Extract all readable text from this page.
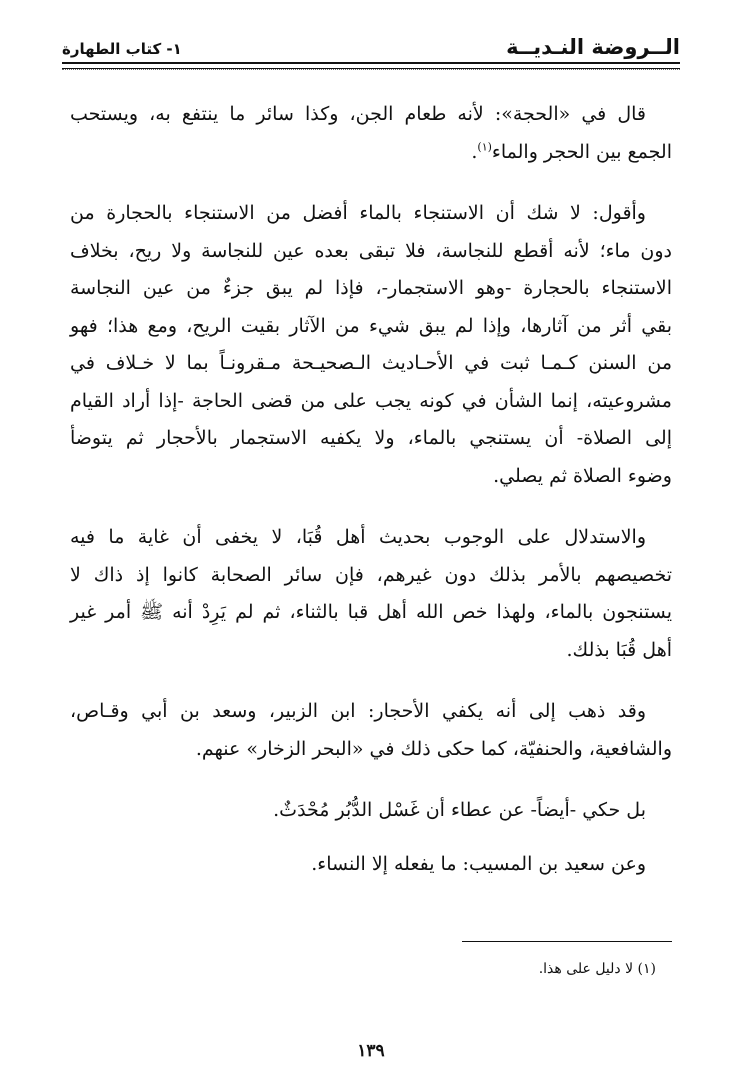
الــروضة النـديــة
١- كتاب الطهارة

قال في «الحجة»: لأنه طعام الجن، وكذا سائر ما ينتفع به، ويستحب
الجمع بين الحجر والماء$^{(١)}$.

وأقول: لا شك أن الاستنجاء بالماء أفضل من الاستنجاء بالحجارة من
دون ماء؛ لأنه أقطع للنجاسة، فلا تبقى بعده عين للنجاسة ولا ريح، بخلاف
الاستنجاء بالحجارة -وهو الاستجمار-، فإذا لم يبق جزءٌ من عين النجاسة
بقي أثر من آثارها، وإذا لم يبق شيء من الآثار بقيت الريح، ومع هذا؛ فهو
من السنن كـمـا ثبت في الأحـاديث الـصحيـحة مـقرونـاً بما لا خـلاف في
مشروعيته، إنما الشأن في كونه يجب على من قضى الحاجة -إذا أراد القيام
إلى الصلاة- أن يستنجي بالماء، ولا يكفيه الاستجمار بالأحجار ثم يتوضأ
وضوء الصلاة ثم يصلي.

والاستدلال على الوجوب بحديث أهل قُبَا، لا يخفى أن غاية ما فيه
تخصيصهم بالأمر بذلك دون غيرهم، فإن سائر الصحابة كانوا إذ ذاك لا
يستنجون بالماء، ولهذا خص الله أهل قبا بالثناء، ثم لم يَرِدْ أنه ﷺ أمر غير
أهل قُبَا بذلك.

وقد ذهب إلى أنه يكفي الأحجار: ابن الزبير، وسعد بن أبي وقـاص،
والشافعية، والحنفيّة، كما حكى ذلك في «البحر الزخار» عنهم.

بل حكي -أيضاً- عن عطاء أن غَسْل الدُّبُر مُحْدَثٌ.

وعن سعيد بن المسيب: ما يفعله إلا النساء.

(١) لا دليل على هذا.
١٣٩
